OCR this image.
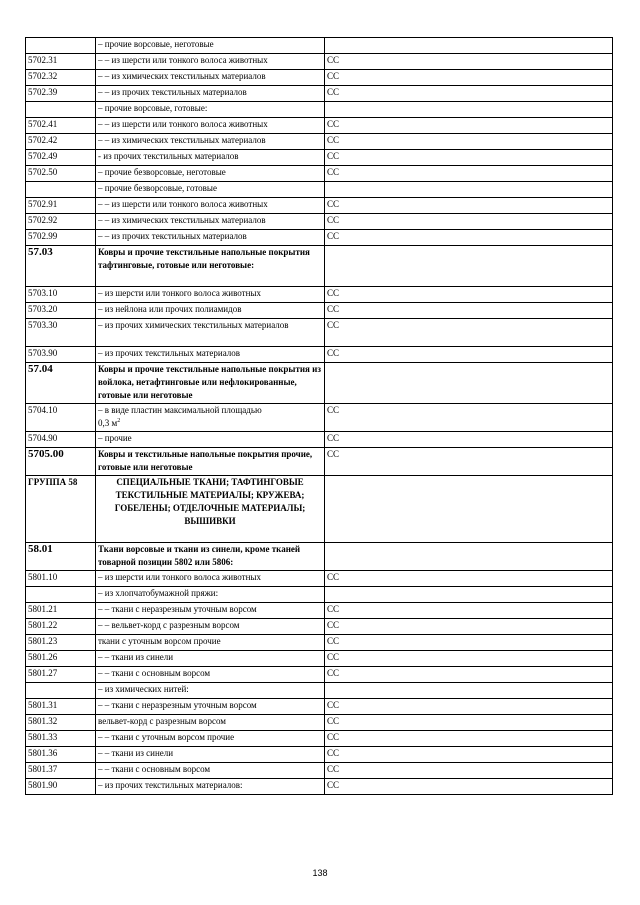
	– прочие ворсовые, неготовые	
5702.31	– – из шерсти или тонкого волоса животных	СС
5702.32	– – из химических текстильных материалов	СС
5702.39	– – из прочих текстильных материалов	СС
	– прочие ворсовые, готовые:	
5702.41	– – из шерсти или тонкого волоса животных	СС
5702.42	– – из химических текстильных материалов	СС
5702.49	- из прочих текстильных материалов	СС
5702.50	– прочие безворсовые, неготовые	СС
	– прочие безворсовые, готовые	
5702.91	– – из шерсти или тонкого волоса животных	СС
5702.92	– – из химических текстильных материалов	СС
5702.99	– – из прочих текстильных материалов	СС
57.03	Ковры и прочие текстильные напольные покрытия тафтинговые, готовые или неготовые:	
5703.10	– из шерсти или тонкого волоса животных	СС
5703.20	– из нейлона или прочих полиамидов	СС
5703.30	– из прочих химических текстильных материалов	СС
5703.90	– из прочих текстильных материалов	СС
57.04	Ковры и прочие текстильные напольные покрытия из войлока, нетафтинговые или нефлокированные, готовые или неготовые	
5704.10	– в виде пластин максимальной площадью
0,3 $м^2$	СС
5704.90	– прочие	СС
5705.00	Ковры и текстильные напольные покрытия прочие, готовые или неготовые	СС
ГРУППА 58	СПЕЦИАЛЬНЫЕ ТКАНИ; ТАФТИНГОВЫЕ ТЕКСТИЛЬНЫЕ МАТЕРИАЛЫ; КРУЖЕВА; ГОБЕЛЕНЫ; ОТДЕЛОЧНЫЕ МАТЕРИАЛЫ; ВЫШИВКИ	
58.01	Ткани ворсовые и ткани из синели, кроме тканей товарной позиции 5802 или 5806:	
5801.10	– из шерсти или тонкого волоса животных	СС
	– из хлопчатобумажной пряжи:	
5801.21	– – ткани с неразрезным уточным ворсом	СС
5801.22	– – вельвет-корд с разрезным ворсом	СС
5801.23	ткани с уточным ворсом прочие	СС
5801.26	– – ткани из синели	СС
5801.27	– – ткани с основным ворсом	СС
	– из химических нитей:	
5801.31	– – ткани с неразрезным уточным ворсом	СС
5801.32	вельвет-корд с разрезным ворсом	СС
5801.33	– – ткани с уточным ворсом прочие	СС
5801.36	– – ткани из синели	СС
5801.37	– – ткани с основным ворсом	СС
5801.90	– из прочих текстильных материалов:	СС
138
